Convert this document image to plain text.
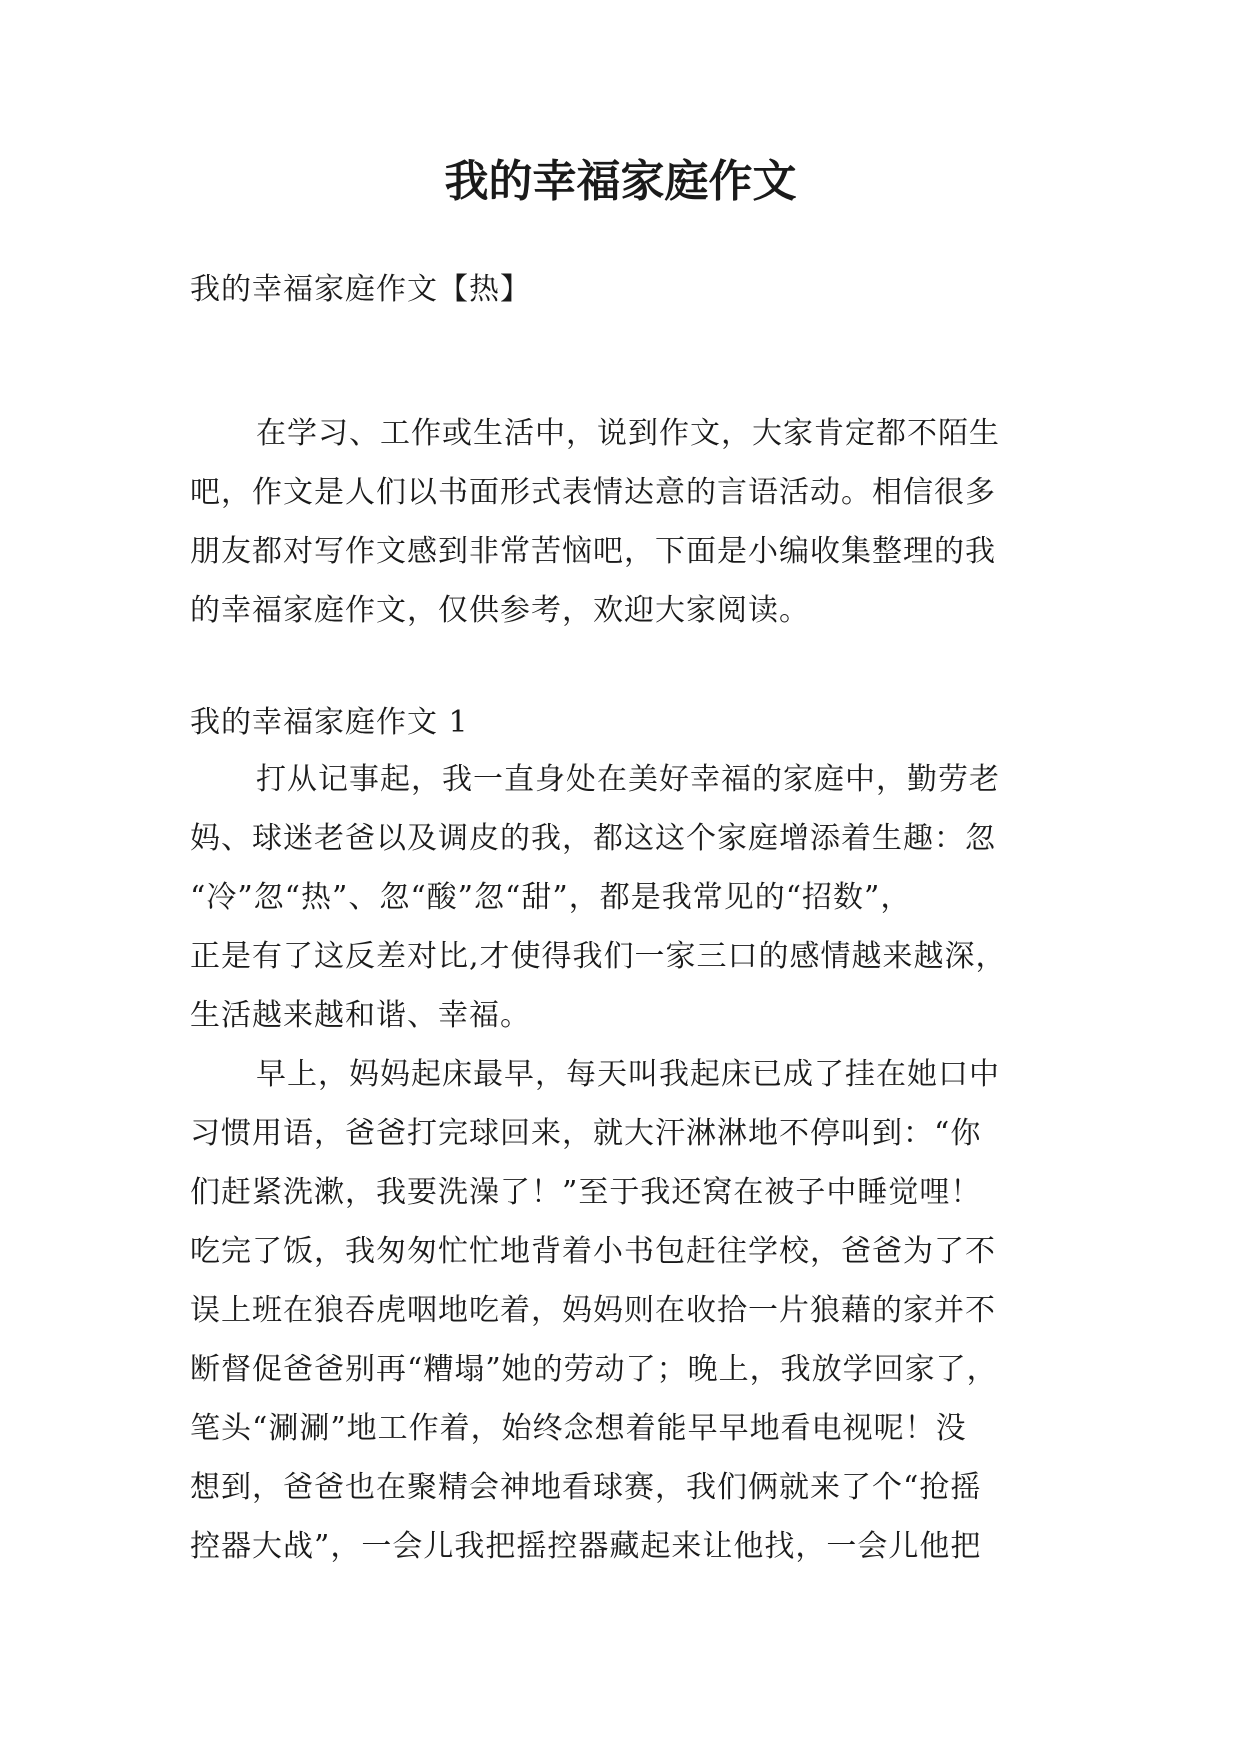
我的幸福家庭作文

我的幸福家庭作文【热】

在学习、工作或生活中，说到作文，大家肯定都不陌生
吧，作文是人们以书面形式表情达意的言语活动。相信很多
朋友都对写作文感到非常苦恼吧，下面是小编收集整理的我
的幸福家庭作文，仅供参考，欢迎大家阅读。

我的幸福家庭作文 1

打从记事起，我一直身处在美好幸福的家庭中，勤劳老
妈、球迷老爸以及调皮的我，都这这个家庭增添着生趣：忽
“冷”忽“热”、忽“酸”忽“甜”，都是我常见的“招数”，
正是有了这反差对比,才使得我们一家三口的感情越来越深，
生活越来越和谐、幸福。
早上，妈妈起床最早，每天叫我起床已成了挂在她口中
习惯用语，爸爸打完球回来，就大汗淋淋地不停叫到：“你
们赶紧洗漱，我要洗澡了！”至于我还窝在被子中睡觉哩！
吃完了饭，我匆匆忙忙地背着小书包赶往学校，爸爸为了不
误上班在狼吞虎咽地吃着，妈妈则在收拾一片狼藉的家并不
断督促爸爸别再“糟塌”她的劳动了；晚上，我放学回家了，
笔头“涮涮”地工作着，始终念想着能早早地看电视呢！没
想到，爸爸也在聚精会神地看球赛，我们俩就来了个“抢摇
控器大战”，一会儿我把摇控器藏起来让他找，一会儿他把
